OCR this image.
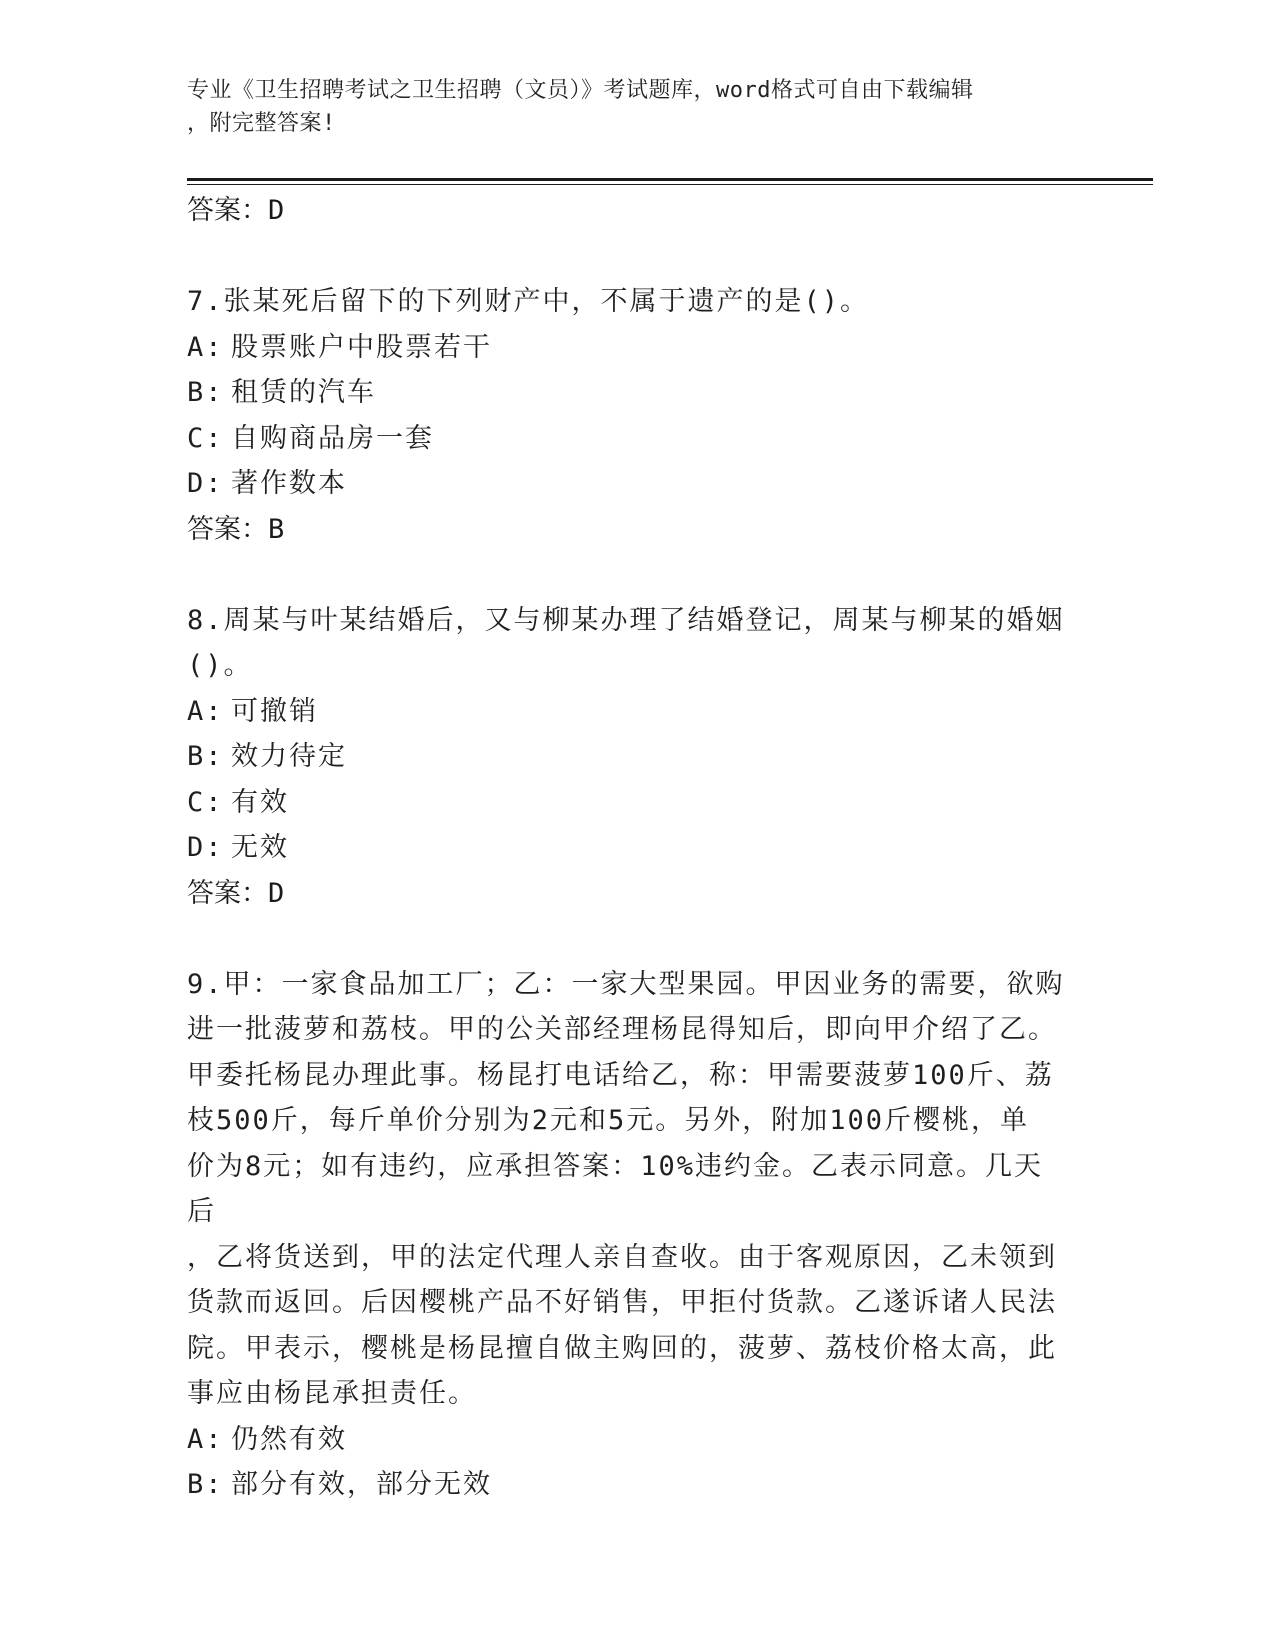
专业《卫生招聘考试之卫生招聘（文员）》考试题库，word格式可自由下载编辑
，附完整答案!
答案：D

7.张某死后留下的下列财产中，不属于遗产的是()。

A: 股票账户中股票若干
B: 租赁的汽车
C: 自购商品房一套
D: 著作数本
答案：B

8.周某与叶某结婚后，又与柳某办理了结婚登记，周某与柳某的婚姻
()。

A: 可撤销
B: 效力待定
C: 有效
D: 无效
答案：D

9.甲：一家食品加工厂；乙：一家大型果园。甲因业务的需要，欲购
进一批菠萝和荔枝。甲的公关部经理杨昆得知后，即向甲介绍了乙。
甲委托杨昆办理此事。杨昆打电话给乙，称：甲需要菠萝100斤、荔
枝500斤，每斤单价分别为2元和5元。另外，附加100斤樱桃，单
价为8元；如有违约，应承担答案：10%违约金。乙表示同意。几天后
，乙将货送到，甲的法定代理人亲自查收。由于客观原因，乙未领到
货款而返回。后因樱桃产品不好销售，甲拒付货款。乙遂诉诸人民法
院。甲表示，樱桃是杨昆擅自做主购回的，菠萝、荔枝价格太高，此
事应由杨昆承担责任。

A: 仍然有效
B: 部分有效，部分无效
